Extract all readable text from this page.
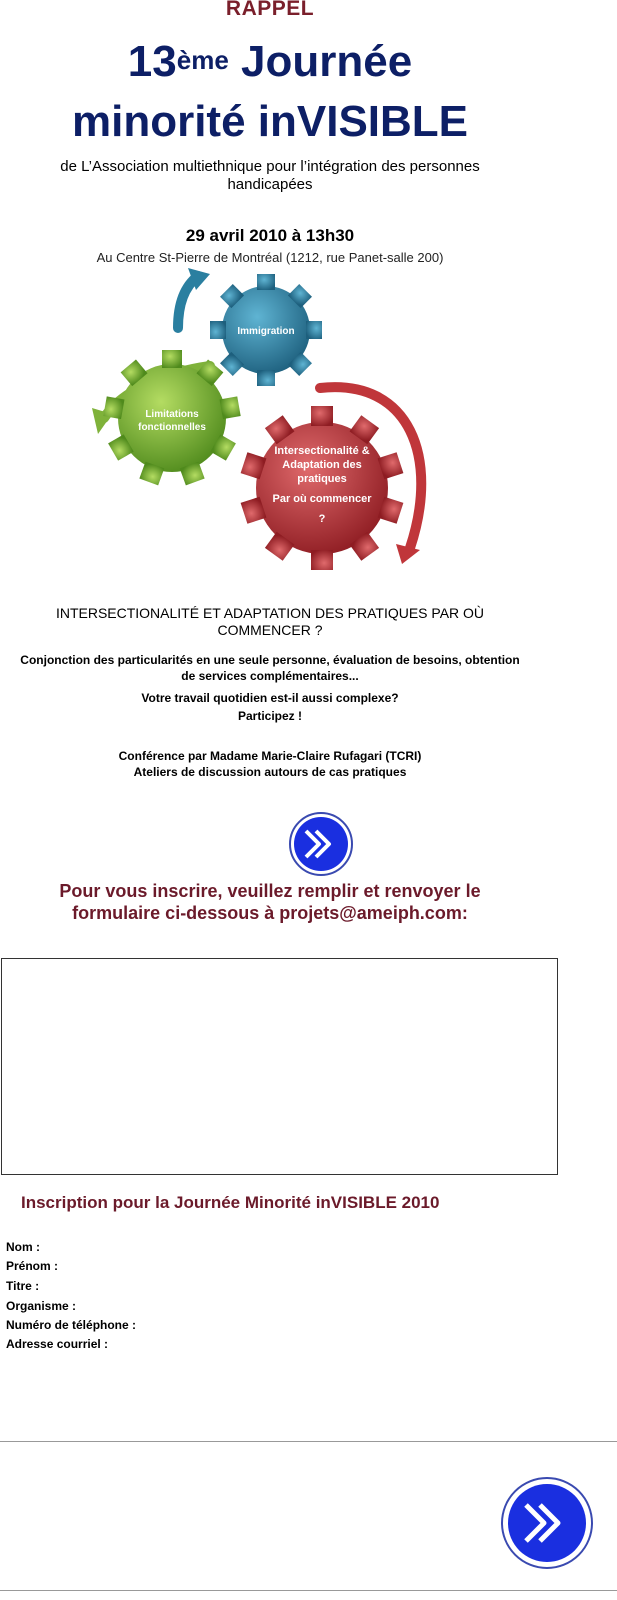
RAPPEL
13ème Journée
minorité inVISIBLE
de L’Association multiethnique pour l’intégration des personnes handicapées
29 avril 2010 à 13h30
Au Centre St-Pierre de Montréal (1212, rue Panet-salle 200)
Immigration
Limitations
fonctionnelles
Intersectionalité &
Adaptation des
pratiques
Par où commencer
?
INTERSECTIONALITÉ ET ADAPTATION DES PRATIQUES PAR OÙ COMMENCER ?
Conjonction des particularités en une seule personne, évaluation de besoins, obtention de services complémentaires...
Votre travail quotidien est-il aussi complexe?
Participez !
Conférence par Madame Marie-Claire Rufagari (TCRI)
Ateliers de discussion autours de cas pratiques
Pour vous inscrire, veuillez remplir et renvoyer le formulaire ci-dessous à projets@ameiph.com:
Inscription pour la Journée Minorité inVISIBLE 2010
Nom :
Prénom :
Titre :
Organisme :
Numéro de téléphone :
Adresse courriel :
